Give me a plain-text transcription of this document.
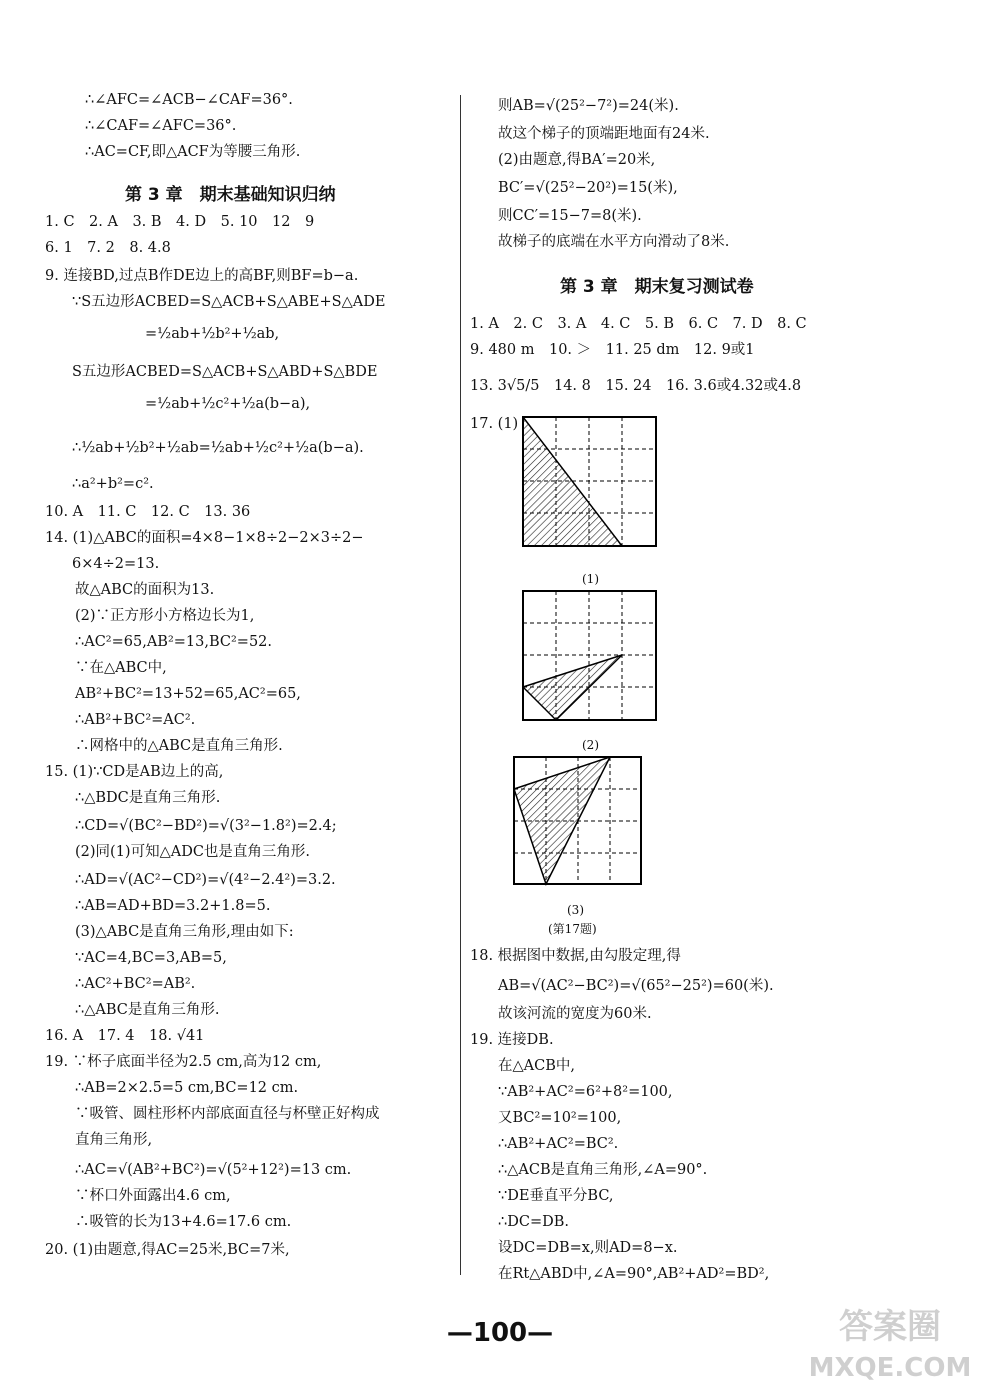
∴∠AFC=∠ACB−∠CAF=36°.
∴∠CAF=∠AFC=36°.
∴AC=CF,即△ACF为等腰三角形.
第 3 章　期末基础知识归纳
1. C　2. A　3. B　4. D　5. 10　12　9
6. 1　7. 2　8. 4.8
9. 连接BD,过点B作DE边上的高BF,则BF=b−a.
∵S五边形ACBED=S△ACB+S△ABE+S△ADE
=½ab+½b²+½ab,
S五边形ACBED=S△ACB+S△ABD+S△BDE
=½ab+½c²+½a(b−a),
∴½ab+½b²+½ab=½ab+½c²+½a(b−a).
∴a²+b²=c².
10. A　11. C　12. C　13. 36
14. (1)△ABC的面积=4×8−1×8÷2−2×3÷2−
6×4÷2=13.
故△ABC的面积为13.
(2)∵正方形小方格边长为1,
∴AC²=65,AB²=13,BC²=52.
∵在△ABC中,
AB²+BC²=13+52=65,AC²=65,
∴AB²+BC²=AC².
∴网格中的△ABC是直角三角形.
15. (1)∵CD是AB边上的高,
∴△BDC是直角三角形.
∴CD=√(BC²−BD²)=√(3²−1.8²)=2.4;
(2)同(1)可知△ADC也是直角三角形.
∴AD=√(AC²−CD²)=√(4²−2.4²)=3.2.
∴AB=AD+BD=3.2+1.8=5.
(3)△ABC是直角三角形,理由如下:
∵AC=4,BC=3,AB=5,
∴AC²+BC²=AB².
∴△ABC是直角三角形.
16. A　17. 4　18. √41
19. ∵杯子底面半径为2.5 cm,高为12 cm,
∴AB=2×2.5=5 cm,BC=12 cm.
∵吸管、圆柱形杯内部底面直径与杯壁正好构成
直角三角形,
∴AC=√(AB²+BC²)=√(5²+12²)=13 cm.
∵杯口外面露出4.6 cm,
∴吸管的长为13+4.6=17.6 cm.
20. (1)由题意,得AC=25米,BC=7米,
则AB=√(25²−7²)=24(米).
故这个梯子的顶端距地面有24米.
(2)由题意,得BA′=20米,
BC′=√(25²−20²)=15(米),
则CC′=15−7=8(米).
故梯子的底端在水平方向滑动了8米.
第 3 章　期末复习测试卷
1. A　2. C　3. A　4. C　5. B　6. C　7. D　8. C
9. 480 m　10. ＞　11. 25 dm　12. 9或1
13. 3√5/5　14. 8　15. 24　16. 3.6或4.32或4.8
17. (1)
18. 根据图中数据,由勾股定理,得
AB=√(AC²−BC²)=√(65²−25²)=60(米).
故该河流的宽度为60米.
19. 连接DB.
在△ACB中,
∵AB²+AC²=6²+8²=100,
又BC²=10²=100,
∴AB²+AC²=BC².
∴△ACB是直角三角形,∠A=90°.
∵DE垂直平分BC,
∴DC=DB.
设DC=DB=x,则AD=8−x.
在Rt△ABD中,∠A=90°,AB²+AD²=BD²,
(1)
(2)
(3)
(第17题)
—100—	答案圈
MXQE.COM
